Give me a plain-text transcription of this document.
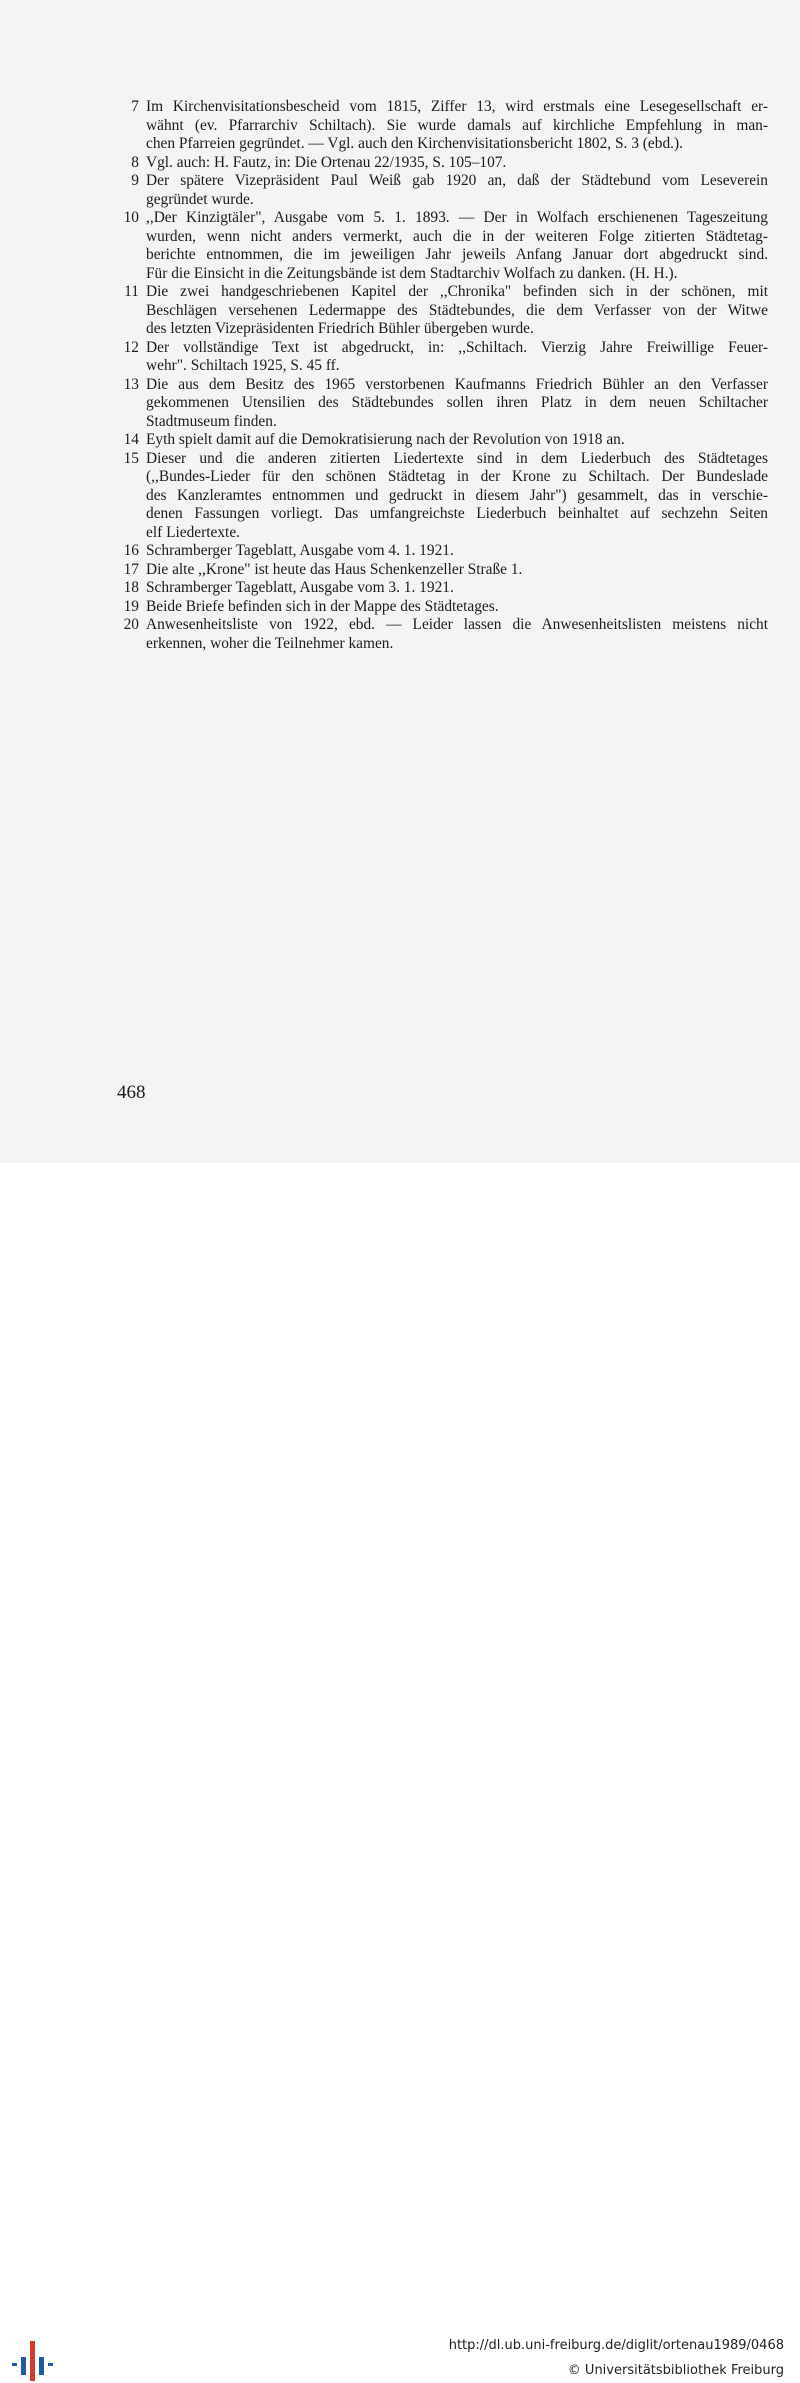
7 Im Kirchenvisitationsbescheid vom 1815, Ziffer 13, wird erstmals eine Lesegesellschaft er-
wähnt (ev. Pfarrarchiv Schiltach). Sie wurde damals auf kirchliche Empfehlung in man-
chen Pfarreien gegründet. — Vgl. auch den Kirchenvisitationsbericht 1802, S. 3 (ebd.).
8 Vgl. auch: H. Fautz, in: Die Ortenau 22/1935, S. 105–107.
9 Der spätere Vizepräsident Paul Weiß gab 1920 an, daß der Städtebund vom Leseverein
gegründet wurde.
10 ,,Der Kinzigtäler", Ausgabe vom 5. 1. 1893. — Der in Wolfach erschienenen Tageszeitung
wurden, wenn nicht anders vermerkt, auch die in der weiteren Folge zitierten Städtetag-
berichte entnommen, die im jeweiligen Jahr jeweils Anfang Januar dort abgedruckt sind.
Für die Einsicht in die Zeitungsbände ist dem Stadtarchiv Wolfach zu danken. (H. H.).
11 Die zwei handgeschriebenen Kapitel der ,,Chronika" befinden sich in der schönen, mit
Beschlägen versehenen Ledermappe des Städtebundes, die dem Verfasser von der Witwe
des letzten Vizepräsidenten Friedrich Bühler übergeben wurde.
12 Der vollständige Text ist abgedruckt, in: ,,Schiltach. Vierzig Jahre Freiwillige Feuer-
wehr". Schiltach 1925, S. 45 ff.
13 Die aus dem Besitz des 1965 verstorbenen Kaufmanns Friedrich Bühler an den Verfasser
gekommenen Utensilien des Städtebundes sollen ihren Platz in dem neuen Schiltacher
Stadtmuseum finden.
14 Eyth spielt damit auf die Demokratisierung nach der Revolution von 1918 an.
15 Dieser und die anderen zitierten Liedertexte sind in dem Liederbuch des Städtetages
(,,Bundes-Lieder für den schönen Städtetag in der Krone zu Schiltach. Der Bundeslade
des Kanzleramtes entnommen und gedruckt in diesem Jahr") gesammelt, das in verschie-
denen Fassungen vorliegt. Das umfangreichste Liederbuch beinhaltet auf sechzehn Seiten
elf Liedertexte.
16 Schramberger Tageblatt, Ausgabe vom 4. 1. 1921.
17 Die alte ,,Krone" ist heute das Haus Schenkenzeller Straße 1.
18 Schramberger Tageblatt, Ausgabe vom 3. 1. 1921.
19 Beide Briefe befinden sich in der Mappe des Städtetages.
20 Anwesenheitsliste von 1922, ebd. — Leider lassen die Anwesenheitslisten meistens nicht
erkennen, woher die Teilnehmer kamen.
468
http://dl.ub.uni-freiburg.de/diglit/ortenau1989/0468
© Universitätsbibliothek Freiburg
